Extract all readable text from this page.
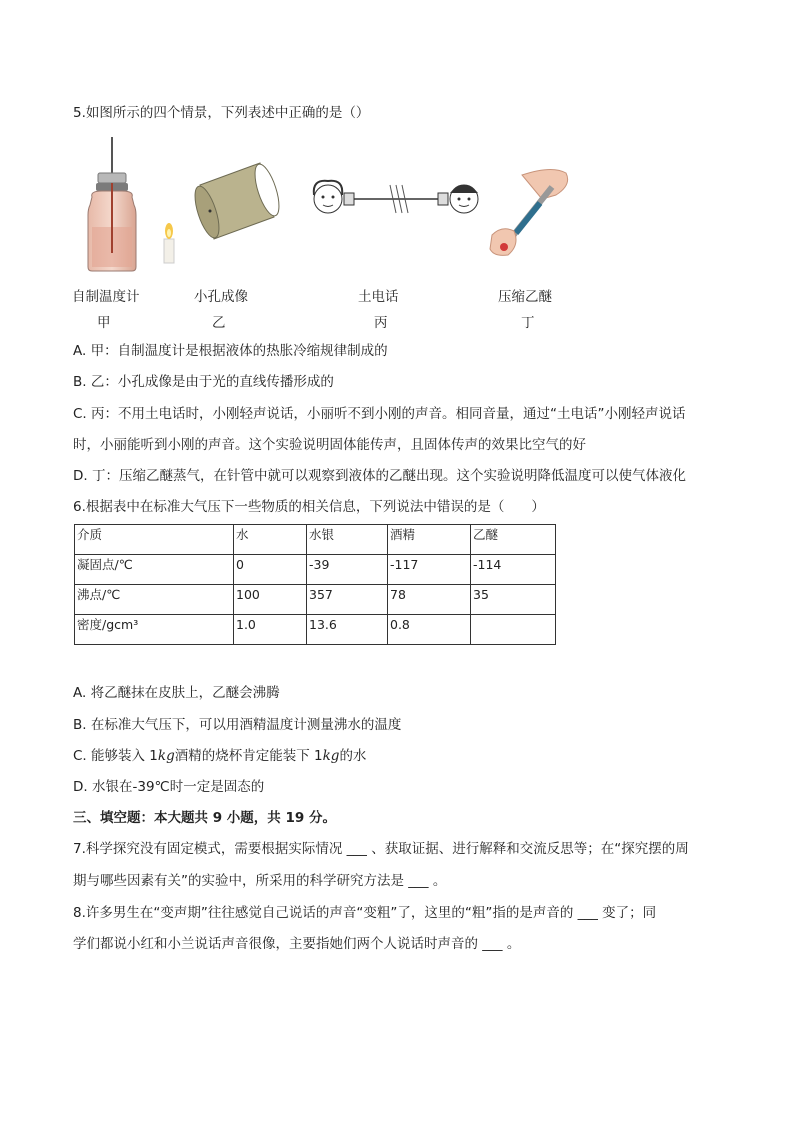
5.如图所示的四个情景，下列表述中正确的是（）
自制温度计
甲
小孔成像
乙
土电话
丙
压缩乙醚
丁
A. 甲：自制温度计是根据液体的热胀冷缩规律制成的
B. 乙：小孔成像是由于光的直线传播形成的
C. 丙：不用土电话时，小刚轻声说话，小丽听不到小刚的声音。相同音量，通过“土电话”小刚轻声说话
时，小丽能听到小刚的声音。这个实验说明固体能传声，且固体传声的效果比空气的好
D. 丁：压缩乙醚蒸气，在针管中就可以观察到液体的乙醚出现。这个实验说明降低温度可以使气体液化
6.根据表中在标准大气压下一些物质的相关信息，下列说法中错误的是（　　）
介质	水	水银	酒精	乙醚
凝固点/℃	0	-39	-117	-114
沸点/℃	100	357	78	35
密度/gcm³	1.0	13.6	0.8	
A. 将乙醚抹在皮肤上，乙醚会沸腾
B. 在标准大气压下，可以用酒精温度计测量沸水的温度
C. 能够装入 1kg酒精的烧杯肯定能装下 1kg的水
D. 水银在-39℃时一定是固态的
三、填空题：本大题共 9 小题，共 19 分。
7.科学探究没有固定模式，需要根据实际情况 ___ 、获取证据、进行解释和交流反思等；在“探究摆的周
期与哪些因素有关”的实验中，所采用的科学研究方法是 ___ 。
8.许多男生在“变声期”往往感觉自己说话的声音“变粗”了，这里的“粗”指的是声音的 ___ 变了；同
学们都说小红和小兰说话声音很像，主要指她们两个人说话时声音的 ___ 。
